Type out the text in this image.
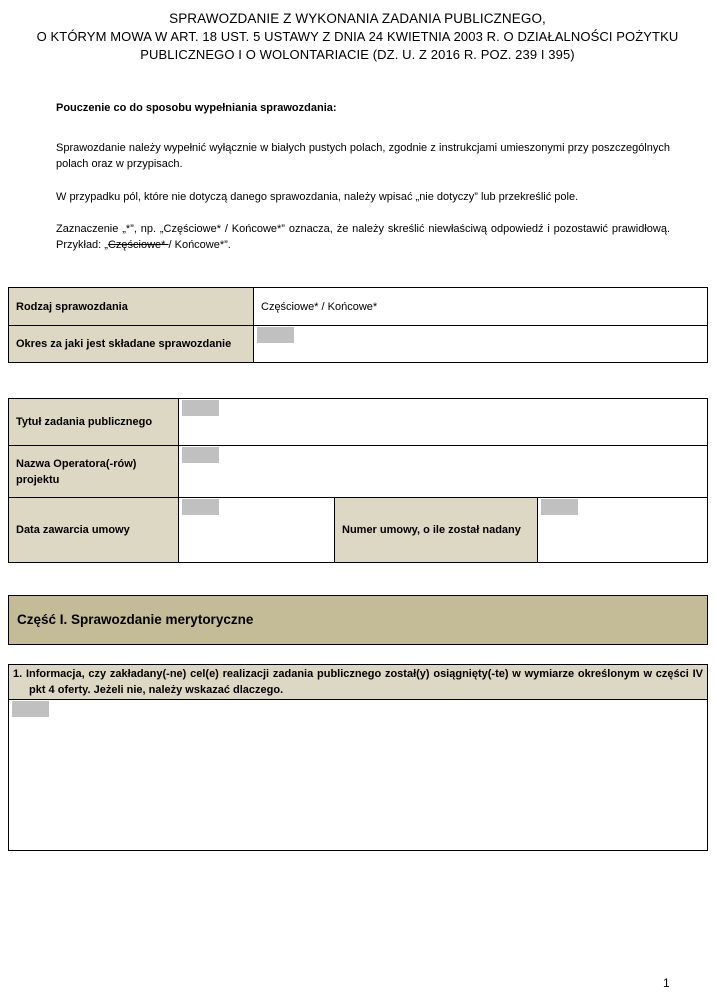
SPRAWOZDANIE Z WYKONANIA ZADANIA PUBLICZNEGO,
O KTÓRYM MOWA W ART. 18 UST. 5 USTAWY Z DNIA 24 KWIETNIA 2003 R. O DZIAŁALNOŚCI POŻYTKU
PUBLICZNEGO I O WOLONTARIACIE (DZ. U. Z 2016 R. POZ. 239 I 395)
Pouczenie co do sposobu wypełniania sprawozdania:
Sprawozdanie należy wypełnić wyłącznie w białych pustych polach, zgodnie z instrukcjami umieszonymi przy poszczególnych polach oraz w przypisach.
W przypadku pól, które nie dotyczą danego sprawozdania, należy wpisać „nie dotyczy” lub przekreślić pole.
Zaznaczenie „*”, np. „Częściowe* / Końcowe*” oznacza, że należy skreślić niewłaściwą odpowiedź i pozostawić prawidłową. Przykład: „Częściowe* / Końcowe*”.
Rodzaj sprawozdania	Częściowe* / Końcowe*
Okres za jaki jest składane sprawozdanie	
Tytuł zadania publicznego			

Nazwa Operatora(-rów) projektu			

Data zawarcia umowy		Numer umowy, o ile został nadany	
Część I. Sprawozdanie merytoryczne
1. Informacja, czy zakładany(-ne) cel(e) realizacji zadania publicznego został(y) osiągnięty(-te) w wymiarze określonym w części IV pkt 4 oferty. Jeżeli nie, należy wskazać dlaczego.
1
